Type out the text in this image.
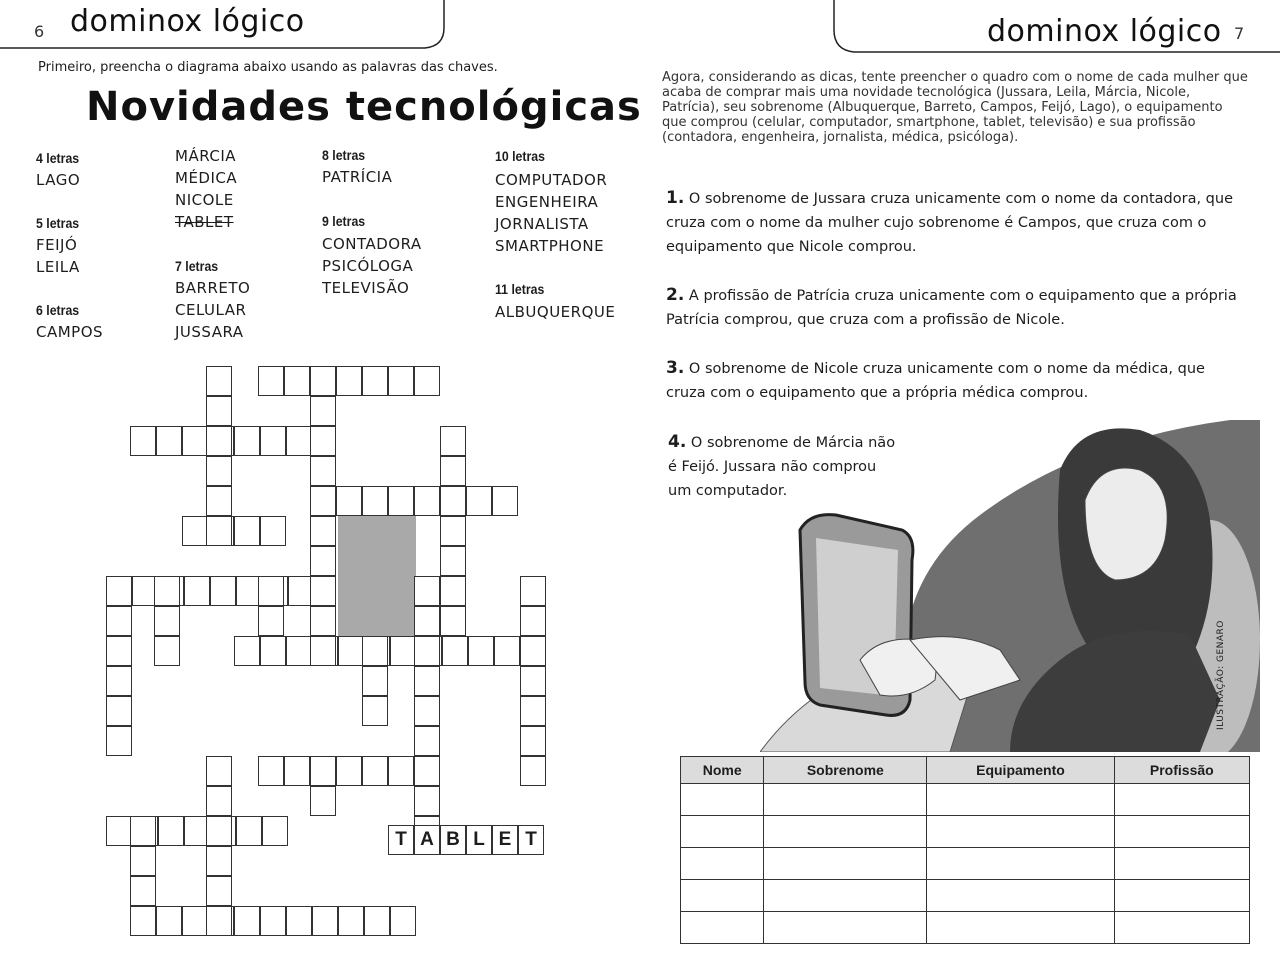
6 dominox lógico
Primeiro, preencha o diagrama abaixo usando as palavras das chaves.
Novidades tecnológicas
4 letras
LAGO
5 letras
FEIJÓ
LEILA
6 letras
CAMPOS
MÁRCIA
MÉDICA
NICOLE
TABLET
7 letras
BARRETO
CELULAR
JUSSARA
8 letras
PATRÍCIA
9 letras
CONTADORA
PSICÓLOGA
TELEVISÃO
10 letras
COMPUTADOR
ENGENHEIRA
JORNALISTA
SMARTPHONE
11 letras
ALBUQUERQUE
T A B L E T
dominox lógico 7
Agora, considerando as dicas, tente preencher o quadro com o nome de cada mulher que acaba de comprar mais uma novidade tecnológica (Jussara, Leila, Márcia, Nicole, Patrícia), seu sobrenome (Albuquerque, Barreto, Campos, Feijó, Lago), o equipamento que comprou (celular, computador, smartphone, tablet, televisão) e sua profissão (contadora, engenheira, jornalista, médica, psicóloga).
1. O sobrenome de Jussara cruza unicamente com o nome da contadora, que cruza com o nome da mulher cujo sobrenome é Campos, que cruza com o equipamento que Nicole comprou.
2. A profissão de Patrícia cruza unicamente com o equipamento que a própria Patrícia comprou, que cruza com a profissão de Nicole.
3. O sobrenome de Nicole cruza unicamente com o nome da médica, que cruza com o equipamento que a própria médica comprou.
4. O sobrenome de Márcia não é Feijó. Jussara não comprou um computador.
ILUSTRAÇÃO: GENARO
Nome	Sobrenome	Equipamento	Profissão
